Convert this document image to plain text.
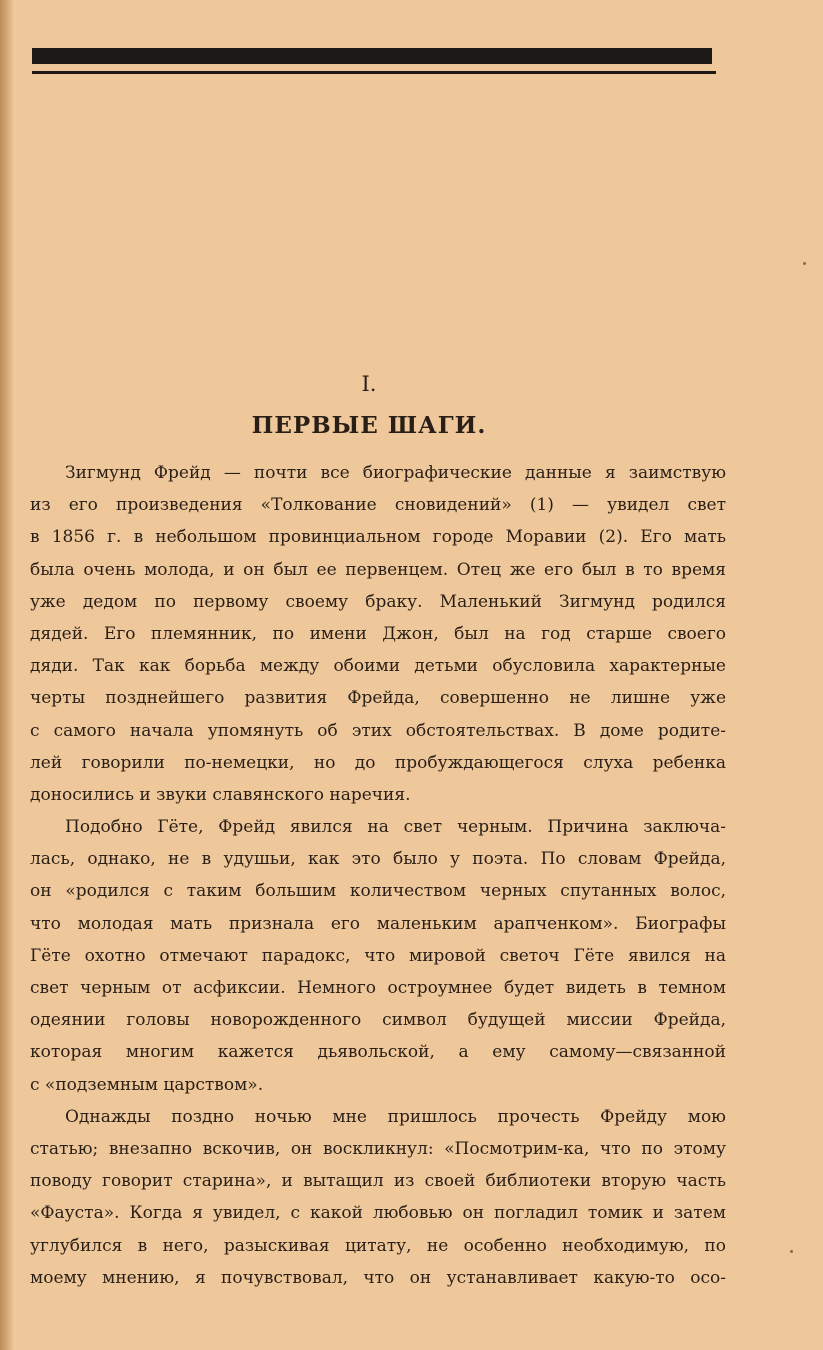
I.
ПЕРВЫЕ ШАГИ.
Зигмунд Фрейд — почти все биографические данные я заимствую
из его произведения «Толкование сновидений» (1) — увидел свет
в 1856 г. в небольшом провинциальном городе Моравии (2). Его мать
была очень молода, и он был ее первенцем. Отец же его был в то время
уже дедом по первому своему браку. Маленький Зигмунд родился
дядей. Его племянник, по имени Джон, был на год старше своего
дяди. Так как борьба между обоими детьми обусловила характерные
черты позднейшего развития Фрейда, совершенно не лишне уже
с самого начала упомянуть об этих обстоятельствах. В доме родите-
лей говорили по-немецки, но до пробуждающегося слуха ребенка
доносились и звуки славянского наречия.
Подобно Гёте, Фрейд явился на свет черным. Причина заключа-
лась, однако, не в удушьи, как это было у поэта. По словам Фрейда,
он «родился с таким большим количеством черных спутанных волос,
что молодая мать признала его маленьким арапченком». Биографы
Гёте охотно отмечают парадокс, что мировой светоч Гёте явился на
свет черным от асфиксии. Немного остроумнее будет видеть в темном
одеянии головы новорожденного символ будущей миссии Фрейда,
которая многим кажется дьявольской, а ему самому—связанной
с «подземным царством».
Однажды поздно ночью мне пришлось прочесть Фрейду мою
статью; внезапно вскочив, он воскликнул: «Посмотрим-ка, что по этому
поводу говорит старина», и вытащил из своей библиотеки вторую часть
«Фауста». Когда я увидел, с какой любовью он погладил томик и затем
углубился в него, разыскивая цитату, не особенно необходимую, по
моему мнению, я почувствовал, что он устанавливает какую-то осо-
